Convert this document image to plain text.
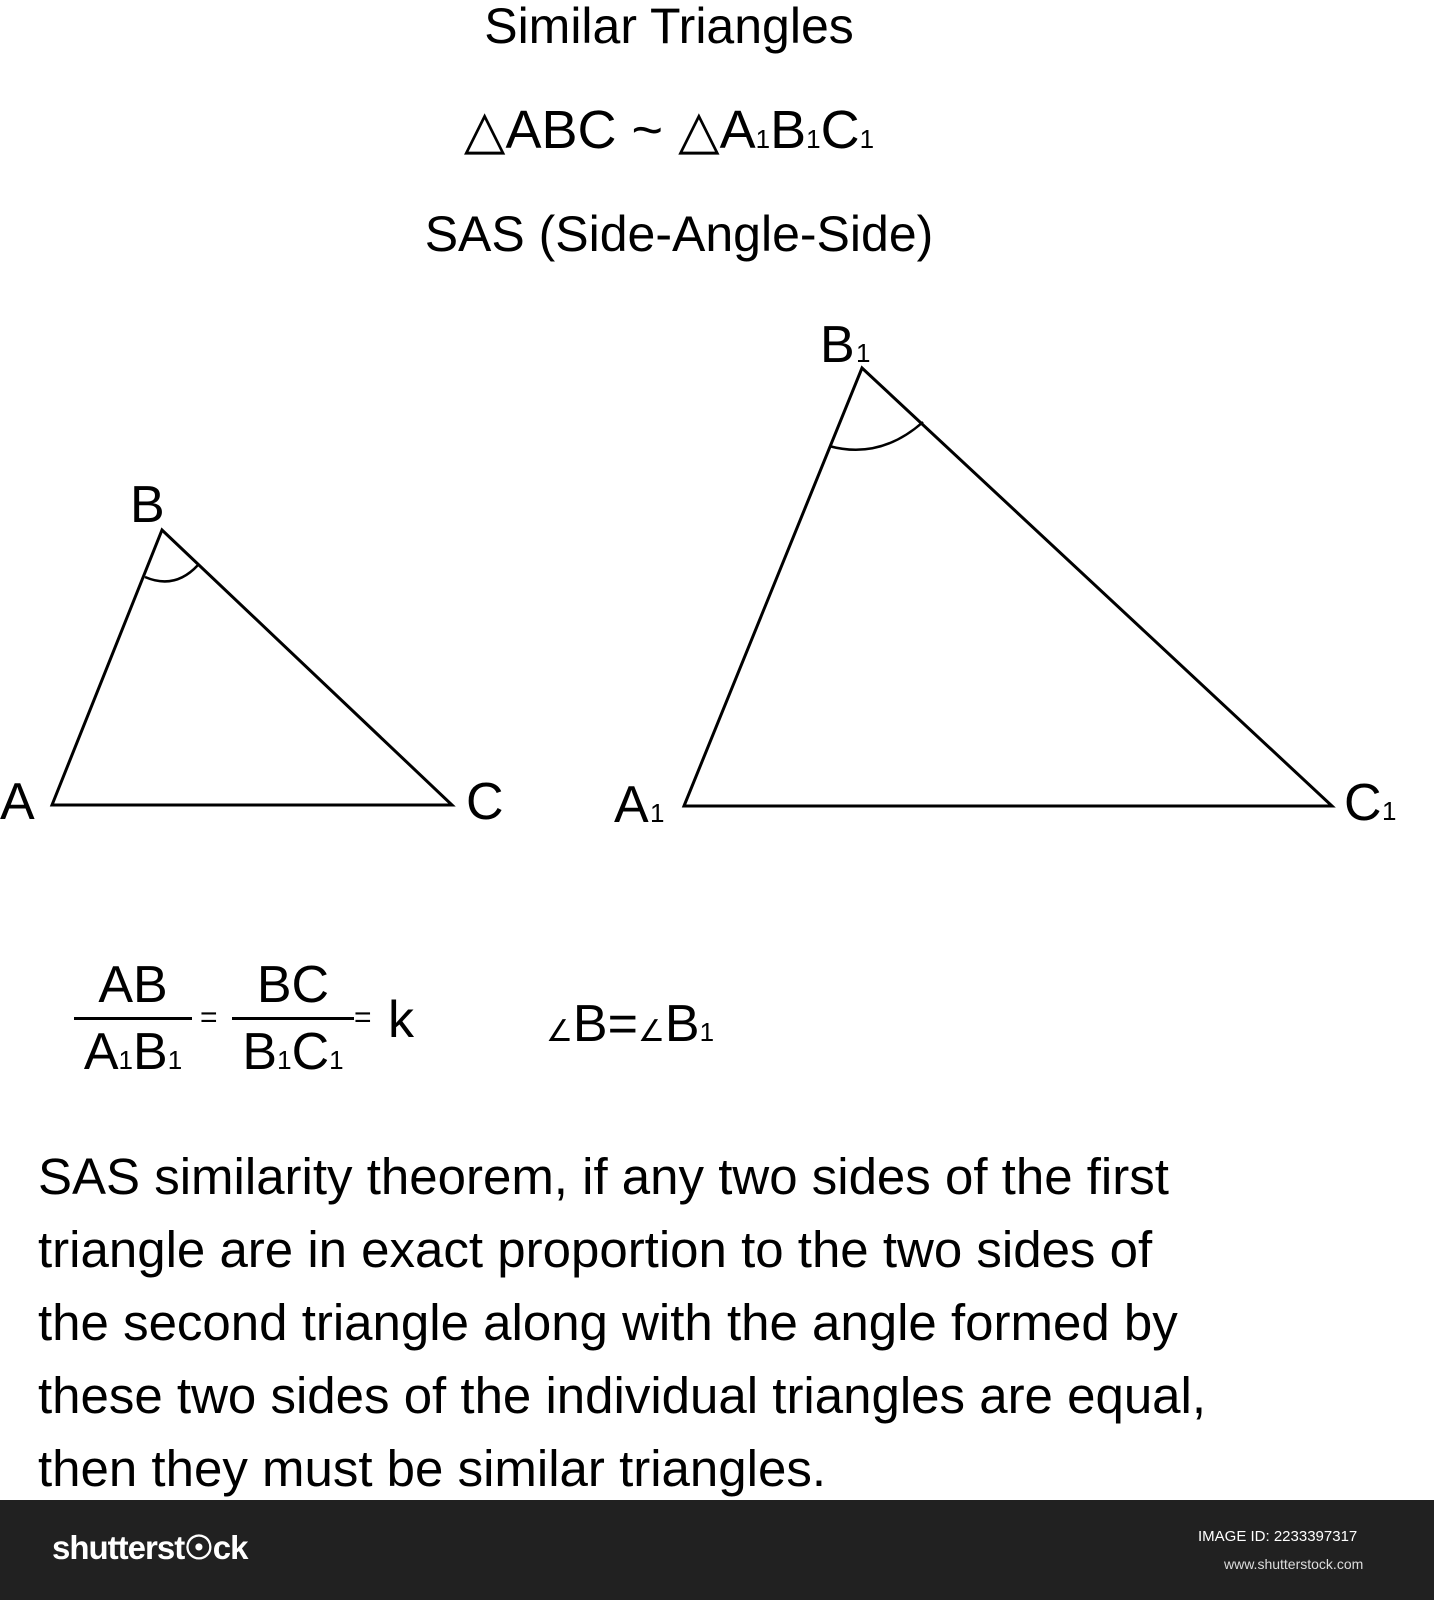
Similar Triangles
△ABC ~ △A1B1C1
SAS (Side-Angle-Side)
B
A	C
B 1
A 1	C 1
$\frac{AB}{A1B1} = \frac{BC}{B1C1} = k$	∠B=∠B1
SAS similarity theorem, if any two sides of the first
triangle are in exact proportion to the two sides of
the second triangle along with the angle formed by
these two sides of the individual triangles are equal,
then they must be similar triangles.
shutterst☉ck	IMAGE ID: 2233397317
www.shutterstock.com
